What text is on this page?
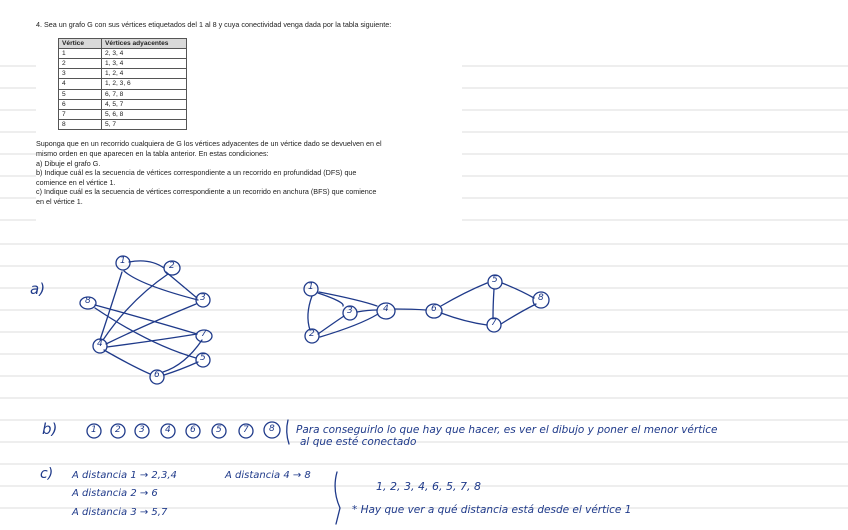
4. Sea un grafo G con sus vértices etiquetados del 1 al 8 y cuya conectividad venga dada por la tabla siguiente:

Vértice	Vértices adyacentes
1	2, 3, 4
2	1, 3, 4
3	1, 2, 4
4	1, 2, 3, 6
5	6, 7, 8
6	4, 5, 7
7	5, 6, 8
8	5, 7

Suponga que en un recorrido cualquiera de G los vértices adyacentes de un vértice dado se devuelven en el

mismo orden en que aparecen en la tabla anterior. En estas condiciones:

a) Dibuje el grafo G.

b) Indique cuál es la secuencia de vértices correspondiente a un recorrido en profundidad (DFS) que

comience en el vértice 1.

c) Indique cuál es la secuencia de vértices correspondiente a un recorrido en anchura (BFS) que comience

en el vértice 1.

a)
b)
c)
1	2
3
4
5
6
7
8
1
2
3	4
5
6
7
8
1 2 3 4 6 5 7 8 Para conseguirlo lo que hay que hacer, es ver el dibujo y poner el menor vértice
al que esté conectado
A distancia 1 → 2,3,4
A distancia 2 → 6
A distancia 3 → 5,7
A distancia 4 → 8
1, 2, 3, 4, 6, 5, 7, 8
* Hay que ver a qué distancia está desde el vértice 1
